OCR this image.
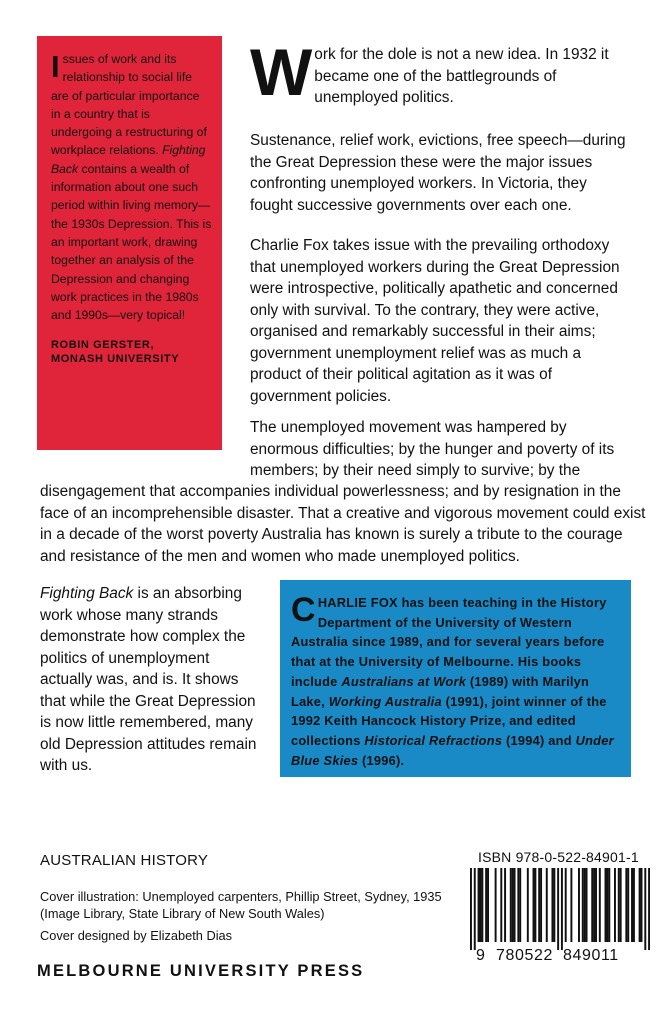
Issues of work and its relationship to social life are of particular importance in a country that is undergoing a restructuring of workplace relations. Fighting Back contains a wealth of information about one such period within living memory—the 1930s Depression. This is an important work, drawing together an analysis of the Depression and changing work practices in the 1980s and 1990s—very topical!

ROBIN GERSTER,
MONASH UNIVERSITY

Work for the dole is not a new idea. In 1932 it became one of the battlegrounds of unemployed politics.

Sustenance, relief work, evictions, free speech—during the Great Depression these were the major issues confronting unemployed workers. In Victoria, they fought successive governments over each one.

Charlie Fox takes issue with the prevailing orthodoxy that unemployed workers during the Great Depression were introspective, politically apathetic and concerned only with survival. To the contrary, they were active, organised and remarkably successful in their aims; government unemployment relief was as much a product of their political agitation as it was of government policies.

The unemployed movement was hampered by enormous difficulties; by the hunger and poverty of its members; by their need simply to survive; by the

disengagement that accompanies individual powerlessness; and by resignation in the face of an incomprehensible disaster. That a creative and vigorous movement could exist in a decade of the worst poverty Australia has known is surely a tribute to the courage and resistance of the men and women who made unemployed politics.

Fighting Back is an absorbing work whose many strands demonstrate how complex the politics of unemployment actually was, and is. It shows that while the Great Depression is now little remembered, many old Depression attitudes remain with us.

CHARLIE FOX has been teaching in the History Department of the University of Western Australia since 1989, and for several years before that at the University of Melbourne. His books include Australians at Work (1989) with Marilyn Lake, Working Australia (1991), joint winner of the 1992 Keith Hancock History Prize, and edited collections Historical Refractions (1994) and Under Blue Skies (1996).

AUSTRALIAN HISTORY
Cover illustration: Unemployed carpenters, Phillip Street, Sydney, 1935 (Image Library, State Library of New South Wales)
Cover designed by Elizabeth Dias
MELBOURNE UNIVERSITY PRESS
ISBN 978-0-522-84901-1
9 780522 849011
